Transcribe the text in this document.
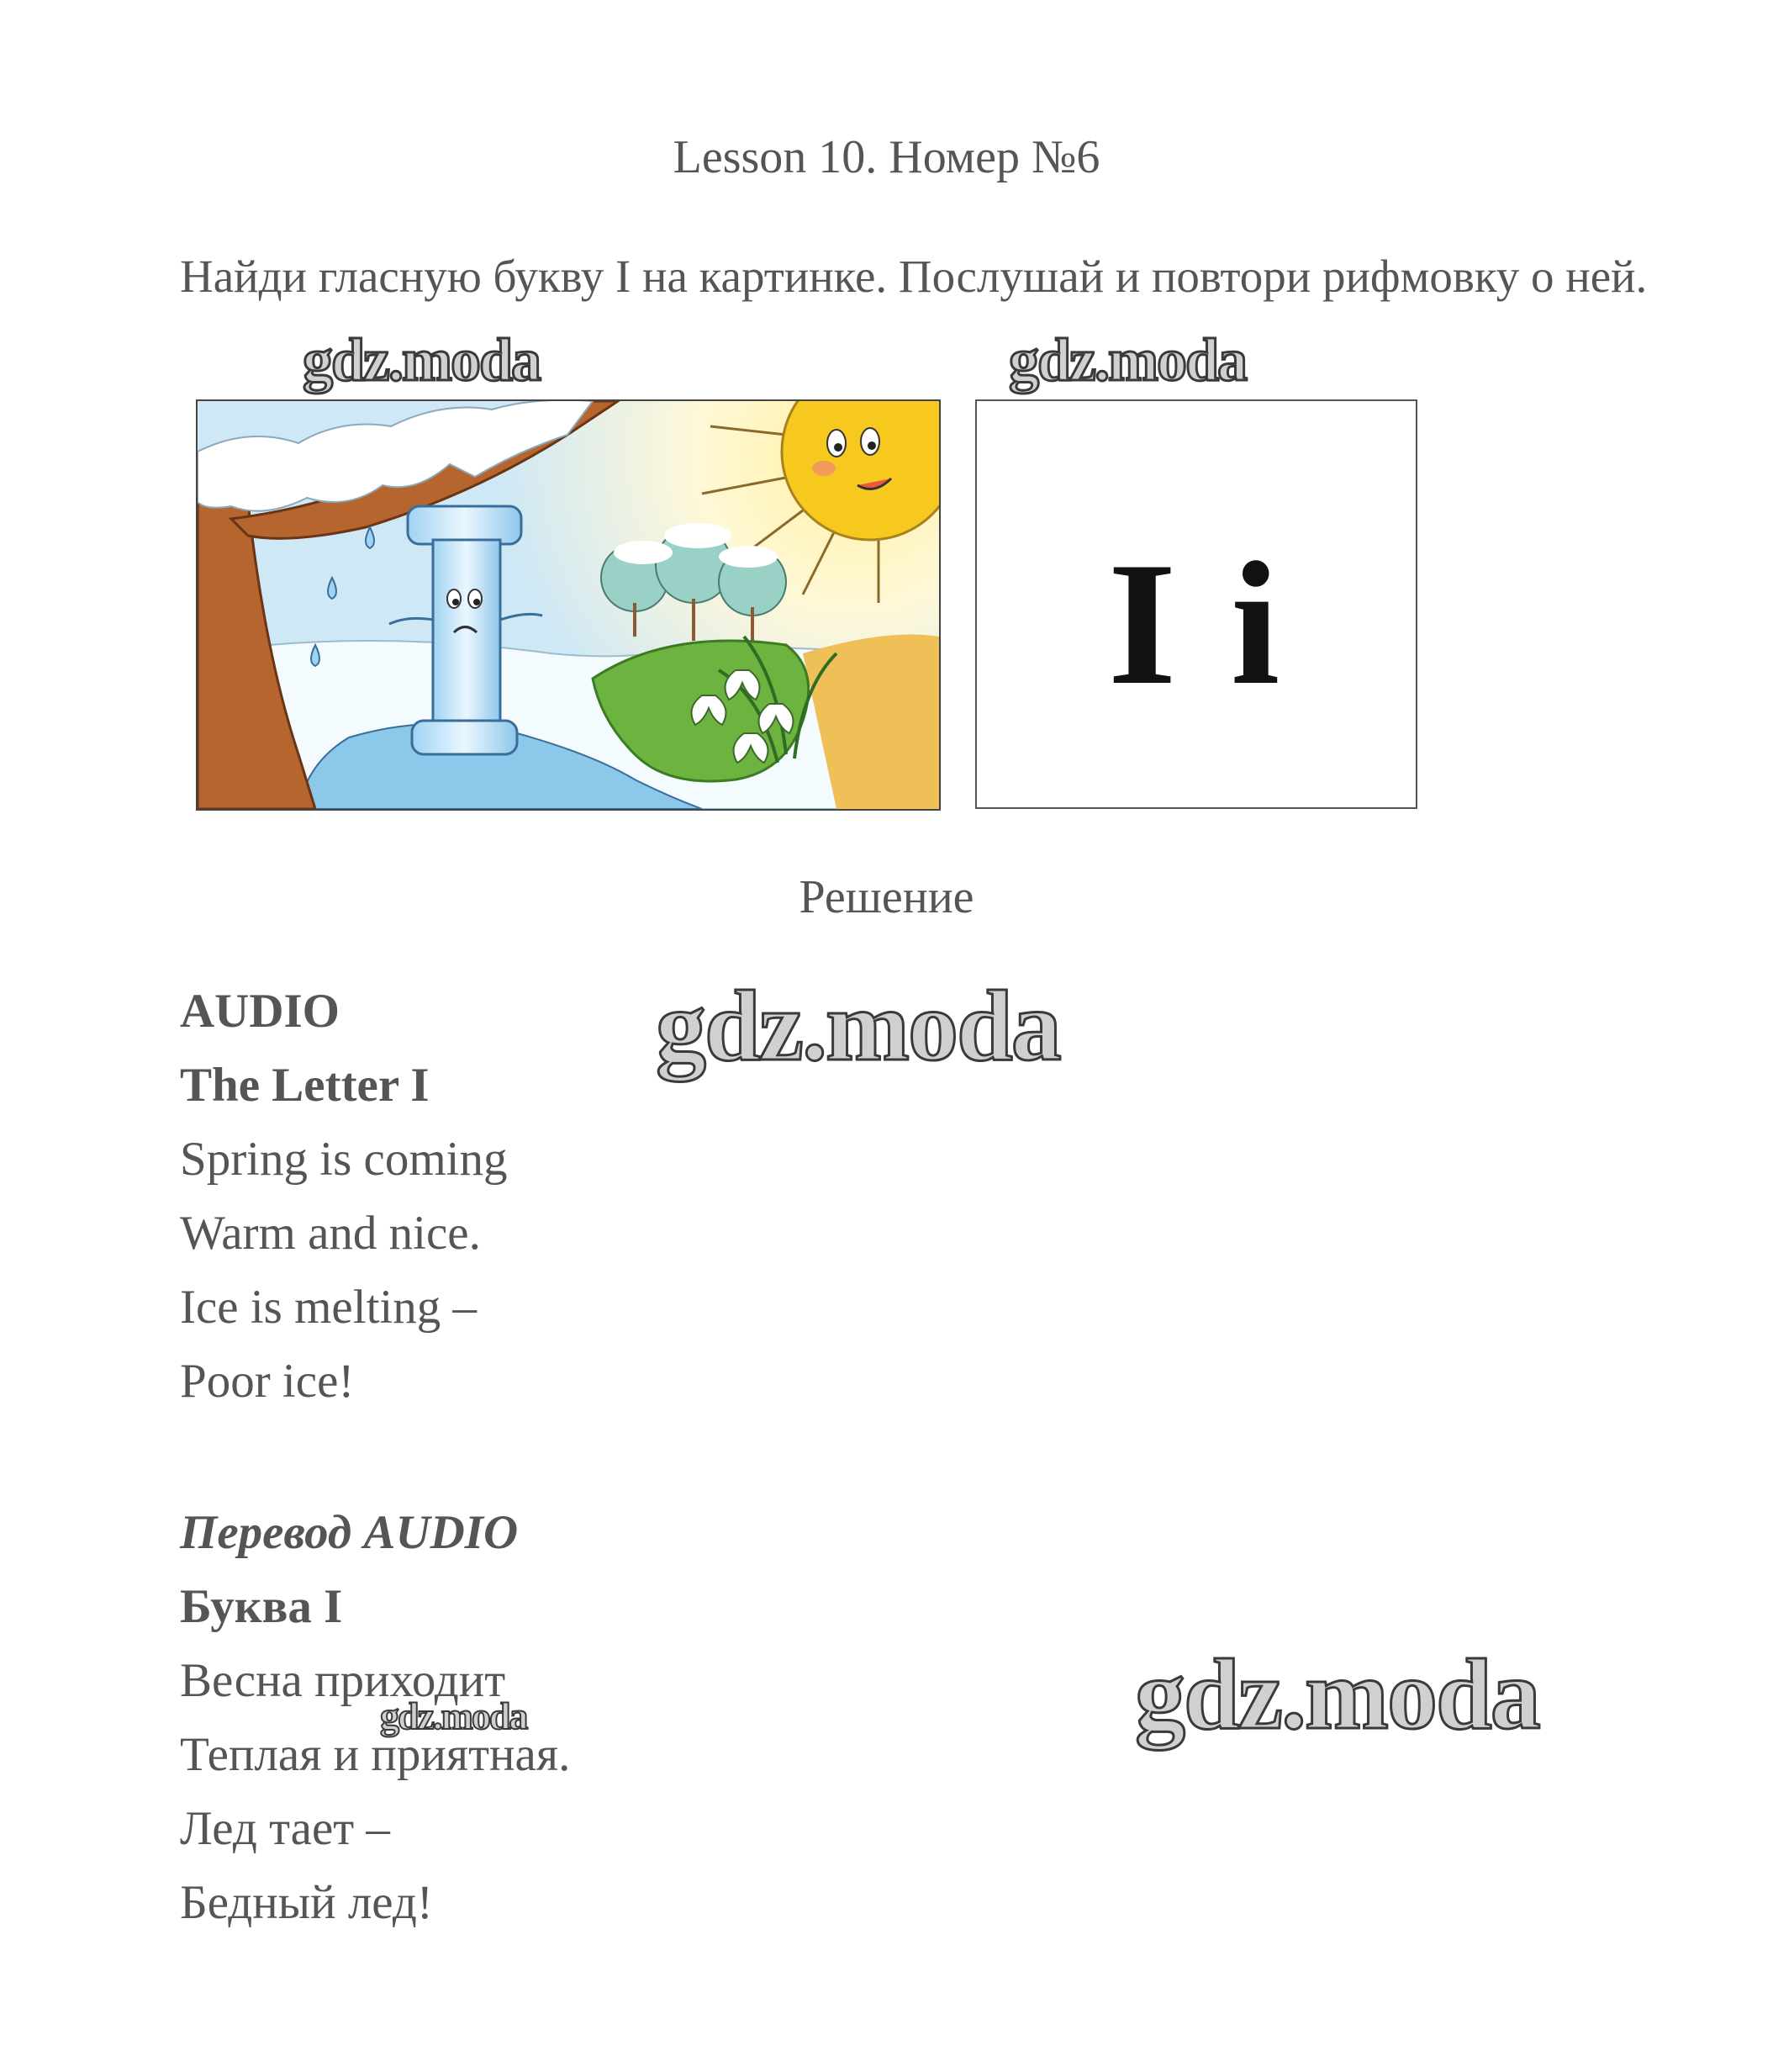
Lesson 10. Номер №6
Найди гласную букву I на картинке. Послушай и повтори рифмовку о ней.
I i
Решение
AUDIO
The Letter I
Spring is coming
Warm and nice.
Ice is melting –
Poor ice!
Перевод AUDIO
Буква I
Весна приходит
Теплая и приятная.
Лед тает –
Бедный лед!
gdz.moda	gdz.moda
gdz.moda
gdz.moda
gdz.moda
